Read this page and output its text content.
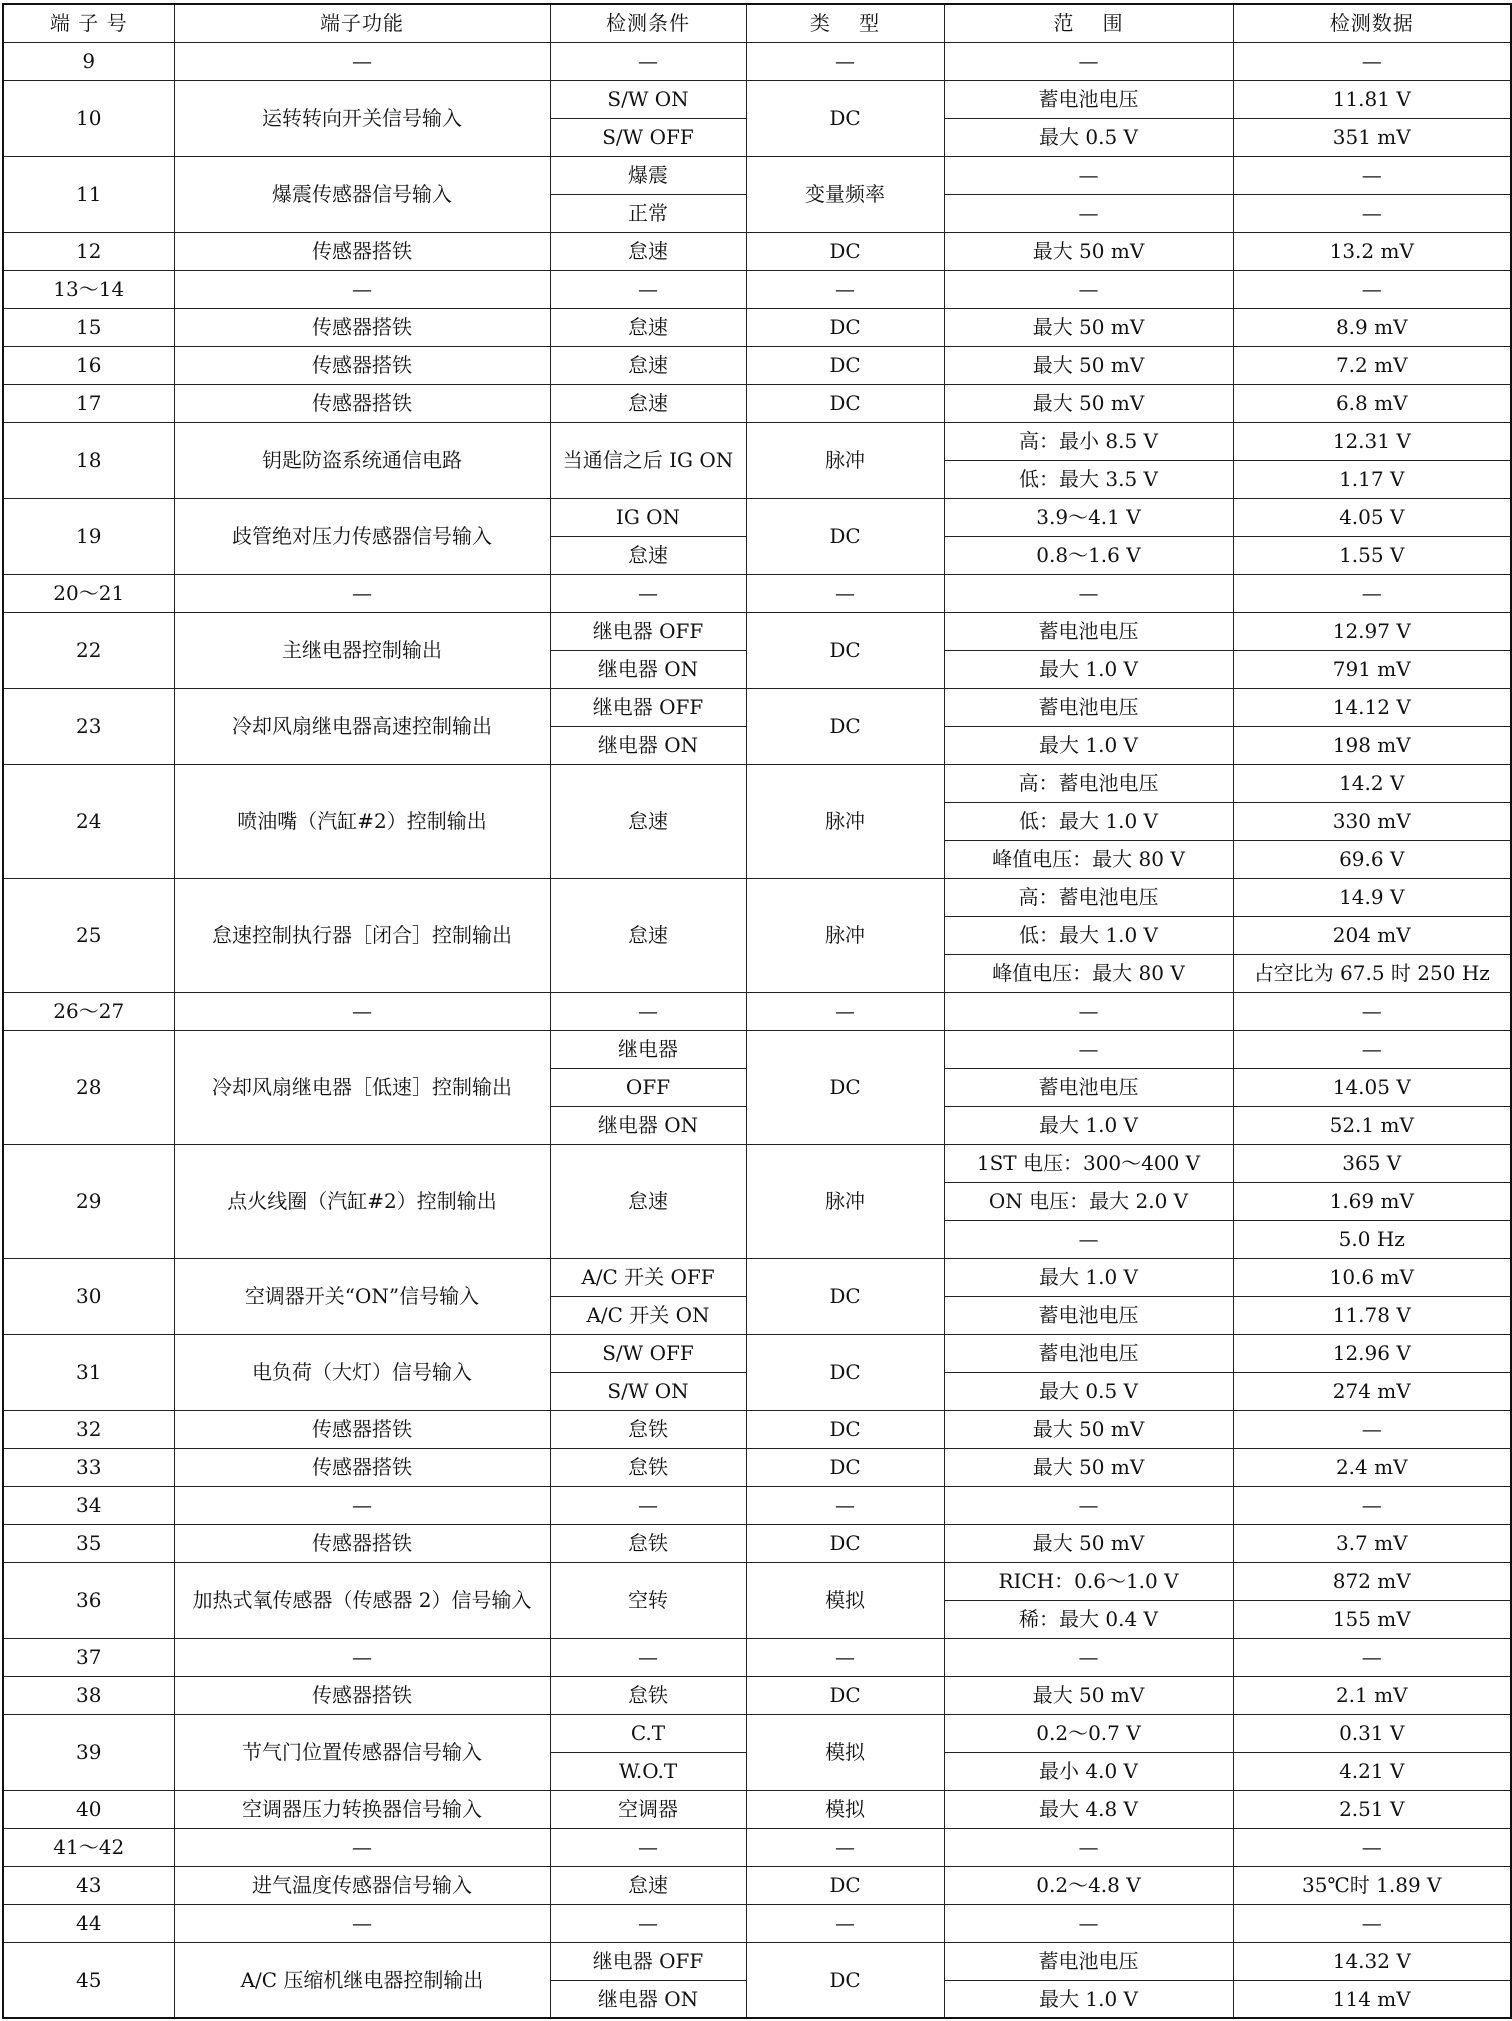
端 子 号	端子功能	检测条件	类　 型	范　 围	检测数据
9	—	—	—	—	—
10	运转转向开关信号输入	S/W ON	DC	蓄电池电压	11.81 V
		S/W OFF		最大 0.5 V	351 mV
11	爆震传感器信号输入	爆震	变量频率	—	—
		正常		—	—
12	传感器搭铁	怠速	DC	最大 50 mV	13.2 mV
13～14	—	—	—	—	—
15	传感器搭铁	怠速	DC	最大 50 mV	8.9 mV
16	传感器搭铁	怠速	DC	最大 50 mV	7.2 mV
17	传感器搭铁	怠速	DC	最大 50 mV	6.8 mV
18	钥匙防盗系统通信电路	当通信之后 IG ON	脉冲	高：最小 8.5 V	12.31 V
				低：最大 3.5 V	1.17 V
19	歧管绝对压力传感器信号输入	IG ON	DC	3.9～4.1 V	4.05 V
		怠速		0.8～1.6 V	1.55 V
20～21	—	—	—	—	—
22	主继电器控制输出	继电器 OFF	DC	蓄电池电压	12.97 V
		继电器 ON		最大 1.0 V	791 mV
23	冷却风扇继电器高速控制输出	继电器 OFF	DC	蓄电池电压	14.12 V
		继电器 ON		最大 1.0 V	198 mV
24	喷油嘴（汽缸#2）控制输出	怠速	脉冲	高：蓄电池电压	14.2 V
				低：最大 1.0 V	330 mV
				峰值电压：最大 80 V	69.6 V
25	怠速控制执行器［闭合］控制输出	怠速	脉冲	高：蓄电池电压	14.9 V
				低：最大 1.0 V	204 mV
				峰值电压：最大 80 V	占空比为 67.5 时 250 Hz
26～27	—	—	—	—	—
28	冷却风扇继电器［低速］控制输出	继电器	DC	—	—
		OFF		蓄电池电压	14.05 V
		继电器 ON		最大 1.0 V	52.1 mV
29	点火线圈（汽缸#2）控制输出	怠速	脉冲	1ST 电压：300～400 V	365 V
				ON 电压：最大 2.0 V	1.69 mV
				—	5.0 Hz
30	空调器开关“ON”信号输入	A/C 开关 OFF	DC	最大 1.0 V	10.6 mV
		A/C 开关 ON		蓄电池电压	11.78 V
31	电负荷（大灯）信号输入	S/W OFF	DC	蓄电池电压	12.96 V
		S/W ON		最大 0.5 V	274 mV
32	传感器搭铁	怠铁	DC	最大 50 mV	—
33	传感器搭铁	怠铁	DC	最大 50 mV	2.4 mV
34	—	—	—	—	—
35	传感器搭铁	怠铁	DC	最大 50 mV	3.7 mV
36	加热式氧传感器（传感器 2）信号输入	空转	模拟	RICH：0.6～1.0 V	872 mV
				稀：最大 0.4 V	155 mV
37	—	—	—	—	—
38	传感器搭铁	怠铁	DC	最大 50 mV	2.1 mV
39	节气门位置传感器信号输入	C.T	模拟	0.2～0.7 V	0.31 V
		W.O.T		最小 4.0 V	4.21 V
40	空调器压力转换器信号输入	空调器	模拟	最大 4.8 V	2.51 V
41～42	—	—	—	—	—
43	进气温度传感器信号输入	怠速	DC	0.2～4.8 V	35℃时 1.89 V
44	—	—	—	—	—
45	A/C 压缩机继电器控制输出	继电器 OFF	DC	蓄电池电压	14.32 V
		继电器 ON		最大 1.0 V	114 mV
